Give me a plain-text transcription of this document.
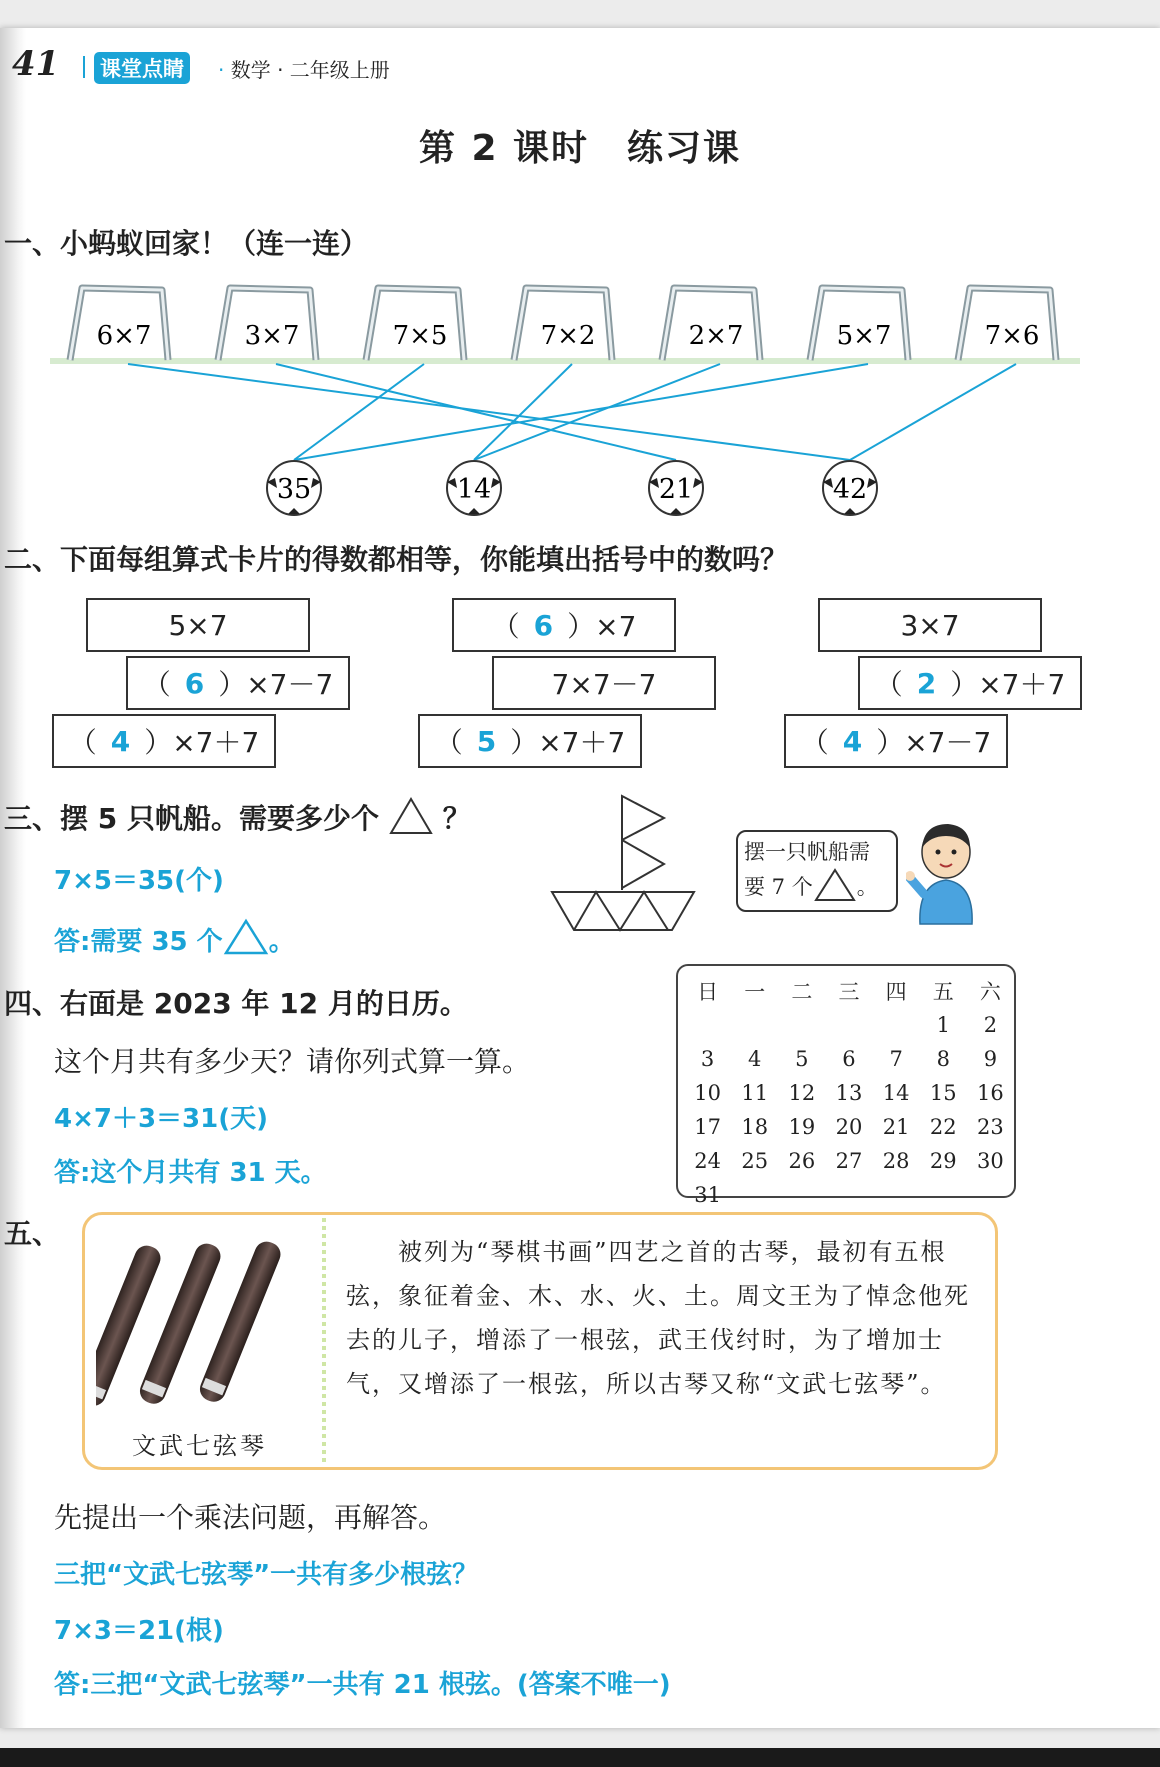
41 课堂点睛	· 数学 · 二年级上册
第 2 课时　练习课
一、小蚂蚁回家！（连一连）
6×7	3×7	7×5	7×2	2×7	5×7	7×6
35	14	21	42
二、下面每组算式卡片的得数都相等，你能填出括号中的数吗？
5×7
（ 6 ）×7－7
（ 4 ）×7＋7
（ 6 ）×7
7×7－7
（ 5 ）×7＋7
3×7
（ 2 ）×7＋7
（ 4 ）×7－7
三、摆 5 只帆船。需要多少个 ？
7×5＝35(个)
答:需要 35 个 。
摆一只帆船需
要 7 个 。
四、右面是 2023 年 12 月的日历。
这个月共有多少天？请你列式算一算。
4×7＋3＝31(天)
答:这个月共有 31 天。
日	一	二	三	四	五	六
					1	2
3	4	5	6	7	8	9
10	11	12	13	14	15	16
17	18	19	20	21	22	23
24	25	26	27	28	29	30
31						
五、
文武七弦琴
　　被列为“琴棋书画”四艺之首的古琴，最初有五根弦，象征着金、木、水、火、土。周文王为了悼念他死去的儿子，增添了一根弦，武王伐纣时，为了增加士气，又增添了一根弦，所以古琴又称“文武七弦琴”。
先提出一个乘法问题，再解答。
三把“文武七弦琴”一共有多少根弦？
7×3＝21(根)
答:三把“文武七弦琴”一共有 21 根弦。(答案不唯一)
